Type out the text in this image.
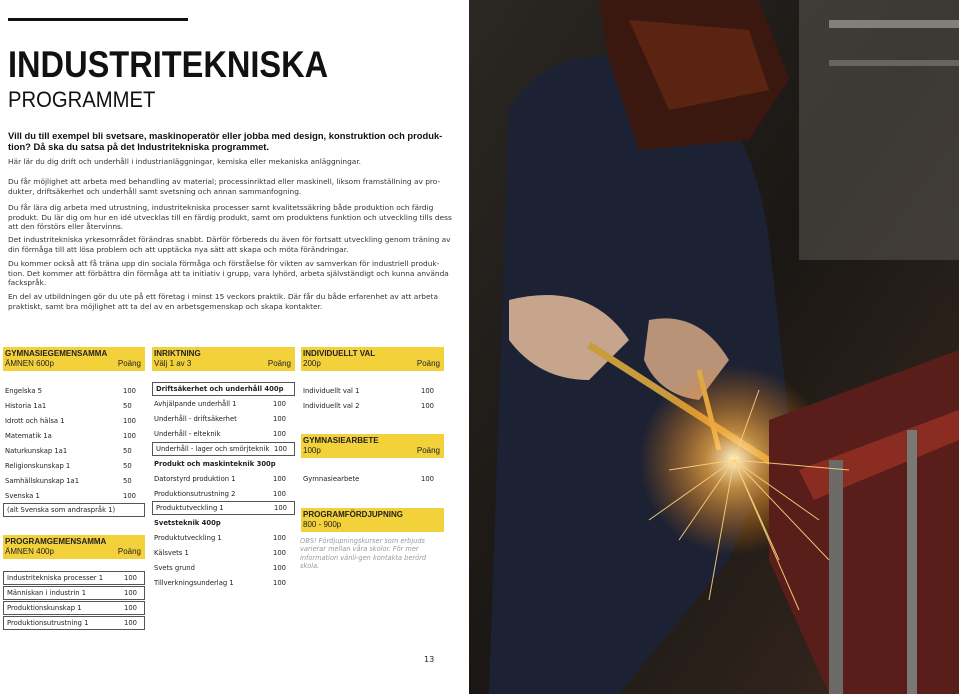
INDUSTRITEKNISKA
PROGRAMMET
Vill du till exempel bli svetsare, maskinoperatör eller jobba med design, konstruktion och produk-tion? Då ska du satsa på det Industritekniska programmet.
Här lär du dig drift och underhåll i industrianläggningar, kemiska eller mekaniska anläggningar.
Du får möjlighet att arbeta med behandling av material; processinriktad eller maskinell, liksom framställning av pro-dukter, driftsäkerhet och underhåll samt svetsning och annan sammanfogning.
Du får lära dig arbeta med utrustning, industritekniska processer samt kvalitetssäkring både produktion och färdig produkt. Du lär dig om hur en idé utvecklas till en färdig produkt, samt om produktens funktion och utveckling tills dess att den förstörs eller återvinns.
Det industritekniska yrkesområdet förändras snabbt. Därför förbereds du även för fortsatt utveckling genom träning av din förmåga till att lösa problem och att upptäcka nya sätt att skapa och möta förändringar.
Du kommer också att få träna upp din sociala förmåga och förståelse för vikten av samverkan för industriell produk-tion. Det kommer att förbättra din förmåga att ta initiativ i grupp, vara lyhörd, arbeta självständigt och kunna använda fackspråk.
En del av utbildningen gör du ute på ett företag i minst 15 veckors praktik. Där får du både erfarenhet av att arbeta praktiskt, samt bra möjlighet att ta del av en arbetsgemenskap och skapa kontakter.
GYMNASIEGEMENSAMMA
ÄMNEN 600p	Poäng
Engelska 5	100
Historia 1a1	50
Idrott och hälsa 1	100
Matematik 1a	100
Naturkunskap 1a1	50
Religionskunskap 1	50
Samhällskunskap 1a1	50
Svenska 1	100
(alt Svenska som andraspråk 1)
PROGRAMGEMENSAMMA
ÄMNEN 400p	Poäng
Industritekniska processer 1	100
Människan i industrin 1	100
Produktionskunskap 1	100
Produktionsutrustning 1	100
INRIKTNING
Välj 1 av 3	Poäng
Driftsäkerhet och underhåll 400p
Avhjälpande underhåll 1	100
Underhåll - driftsäkerhet	100
Underhåll - elteknik	100
Underhåll - lager och smörjteknik 100
Produkt och maskinteknik 300p
Datorstyrd produktion 1	100
Produktionsutrustning 2	100
Produktutveckling 1	100
Svetsteknik 400p
Produktutveckling 1	100
Kälsvets 1	100
Svets grund	100
Tillverkningsunderlag 1	100
INDIVIDUELLT VAL
200p	Poäng
Individuellt val 1	100
Individuellt val 2	100
GYMNASIEARBETE
100p	Poäng
Gymnasiearbete	100
PROGRAMFÖRDJUPNING
800 - 900p
OBS! Fördjupningskurser som erbjuds varierar mellan våra skolor. För mer information vänli-gen kontakta berörd skola.
13
